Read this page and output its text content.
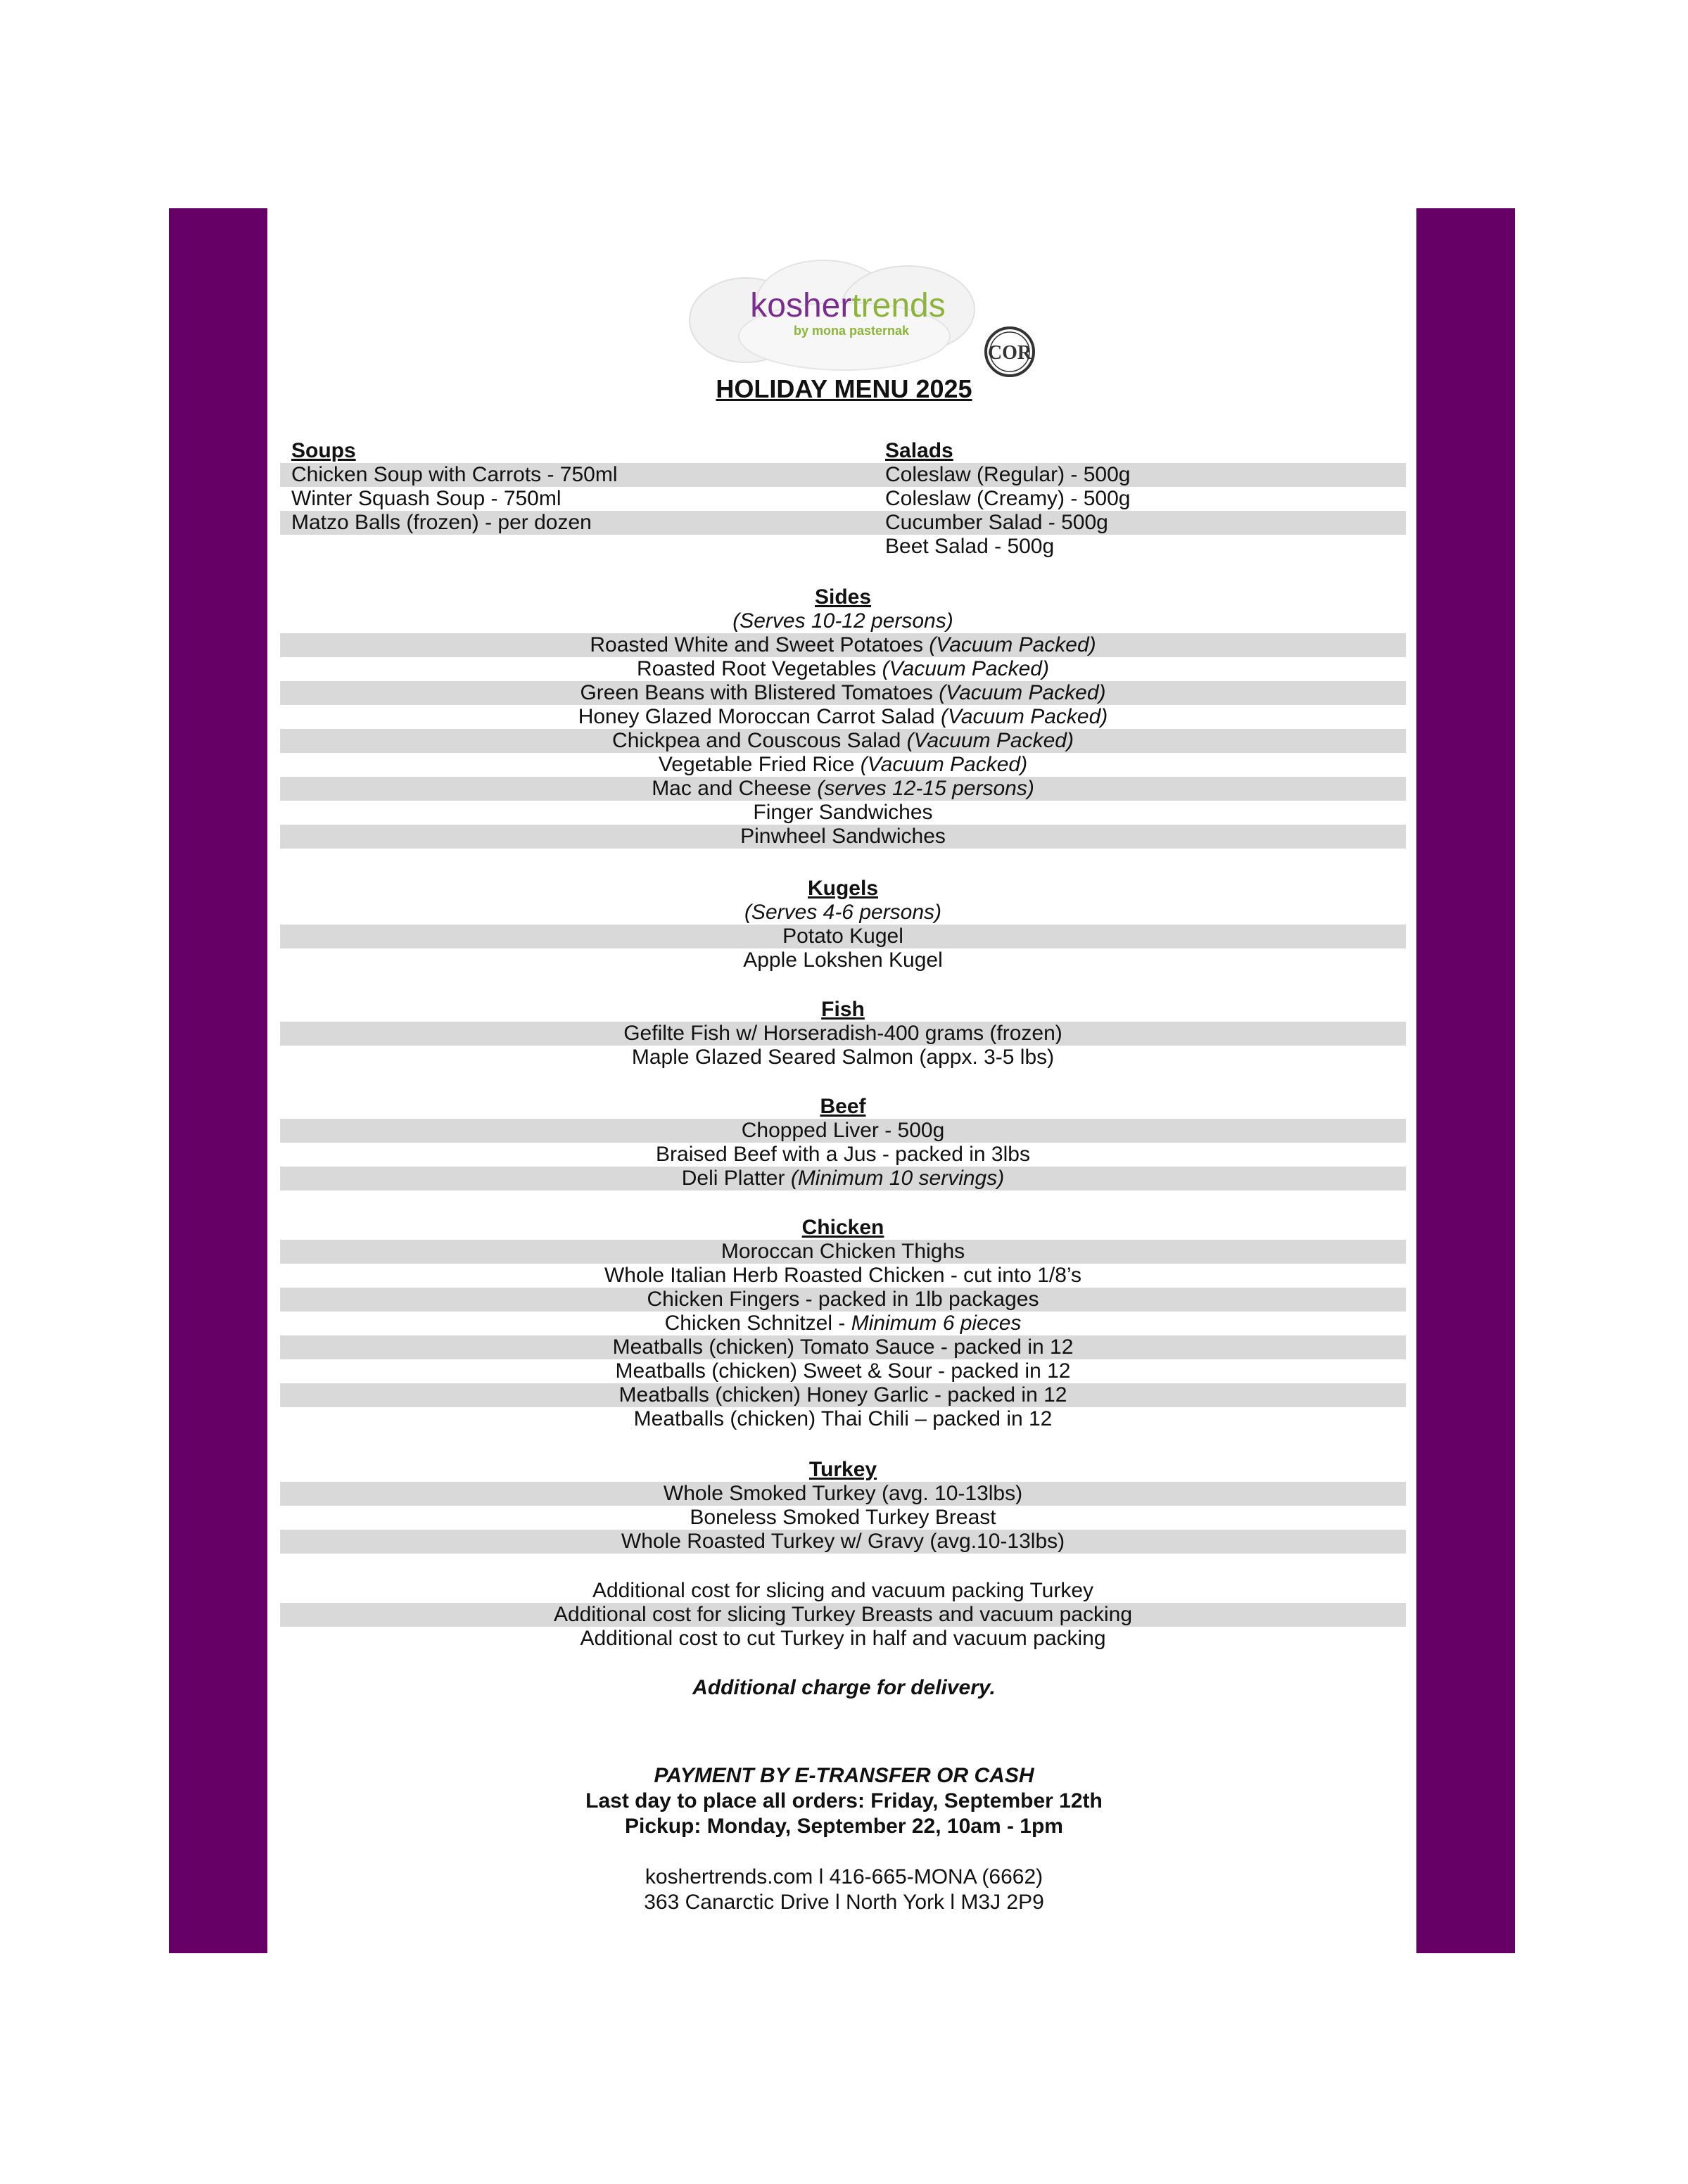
koshertrends
by mona pasternak
COR
HOLIDAY MENU 2025
Soups
Chicken Soup with Carrots - 750ml
Winter Squash Soup - 750ml
Matzo Balls (frozen) - per dozen
Salads
Coleslaw (Regular) - 500g
Coleslaw (Creamy) - 500g
Cucumber Salad - 500g
Beet Salad - 500g
Sides
(Serves 10-12 persons)
Roasted White and Sweet Potatoes (Vacuum Packed)
Roasted Root Vegetables (Vacuum Packed)
Green Beans with Blistered Tomatoes (Vacuum Packed)
Honey Glazed Moroccan Carrot Salad (Vacuum Packed)
Chickpea and Couscous Salad (Vacuum Packed)
Vegetable Fried Rice (Vacuum Packed)
Mac and Cheese (serves 12-15 persons)
Finger Sandwiches
Pinwheel Sandwiches
Kugels
(Serves 4-6 persons)
Potato Kugel
Apple Lokshen Kugel
Fish
Gefilte Fish w/ Horseradish-400 grams (frozen)
Maple Glazed Seared Salmon (appx. 3-5 lbs)
Beef
Chopped Liver - 500g
Braised Beef with a Jus - packed in 3lbs
Deli Platter (Minimum 10 servings)
Chicken
Moroccan Chicken Thighs
Whole Italian Herb Roasted Chicken - cut into 1/8’s
Chicken Fingers - packed in 1lb packages
Chicken Schnitzel - Minimum 6 pieces
Meatballs (chicken) Tomato Sauce - packed in 12
Meatballs (chicken) Sweet & Sour - packed in 12
Meatballs (chicken) Honey Garlic - packed in 12
Meatballs (chicken) Thai Chili – packed in 12
Turkey
Whole Smoked Turkey (avg. 10-13lbs)
Boneless Smoked Turkey Breast
Whole Roasted Turkey w/ Gravy (avg.10-13lbs)
Additional cost for slicing and vacuum packing Turkey
Additional cost for slicing Turkey Breasts and vacuum packing
Additional cost to cut Turkey in half and vacuum packing
Additional charge for delivery.
PAYMENT BY E-TRANSFER OR CASH
Last day to place all orders: Friday, September 12th
Pickup: Monday, September 22, 10am - 1pm
koshertrends.com l 416-665-MONA (6662)
363 Canarctic Drive l North York l M3J 2P9
